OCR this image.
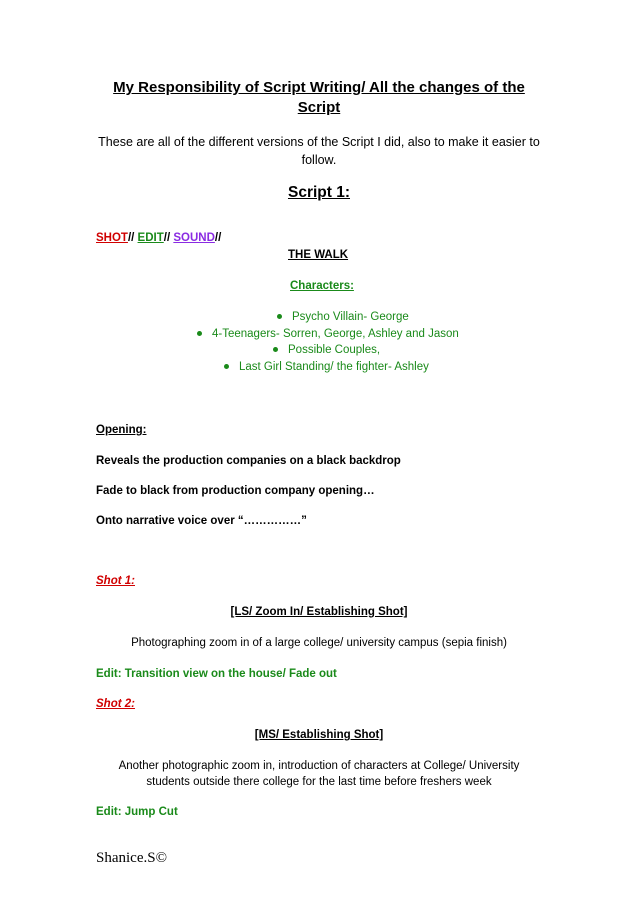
My Responsibility of Script Writing/ All the changes of the
Script
These are all of the different versions of the Script I did, also to make it easier to
follow.
Script 1:
SHOT// EDIT// SOUND//
THE WALK
Characters:
Psycho Villain- George
4-Teenagers- Sorren, George, Ashley and Jason
Possible Couples,
Last Girl Standing/ the fighter- Ashley
Opening:
Reveals the production companies on a black backdrop
Fade to black from production company opening…
Onto narrative voice over “……………”
Shot 1:
[LS/ Zoom In/ Establishing Shot]
Photographing zoom in of a large college/ university campus (sepia finish)
Edit: Transition view on the house/ Fade out
Shot 2:
[MS/ Establishing Shot]
Another photographic zoom in, introduction of characters at College/ University
students outside there college for the last time before freshers week
Edit: Jump Cut
Shanice.S©
